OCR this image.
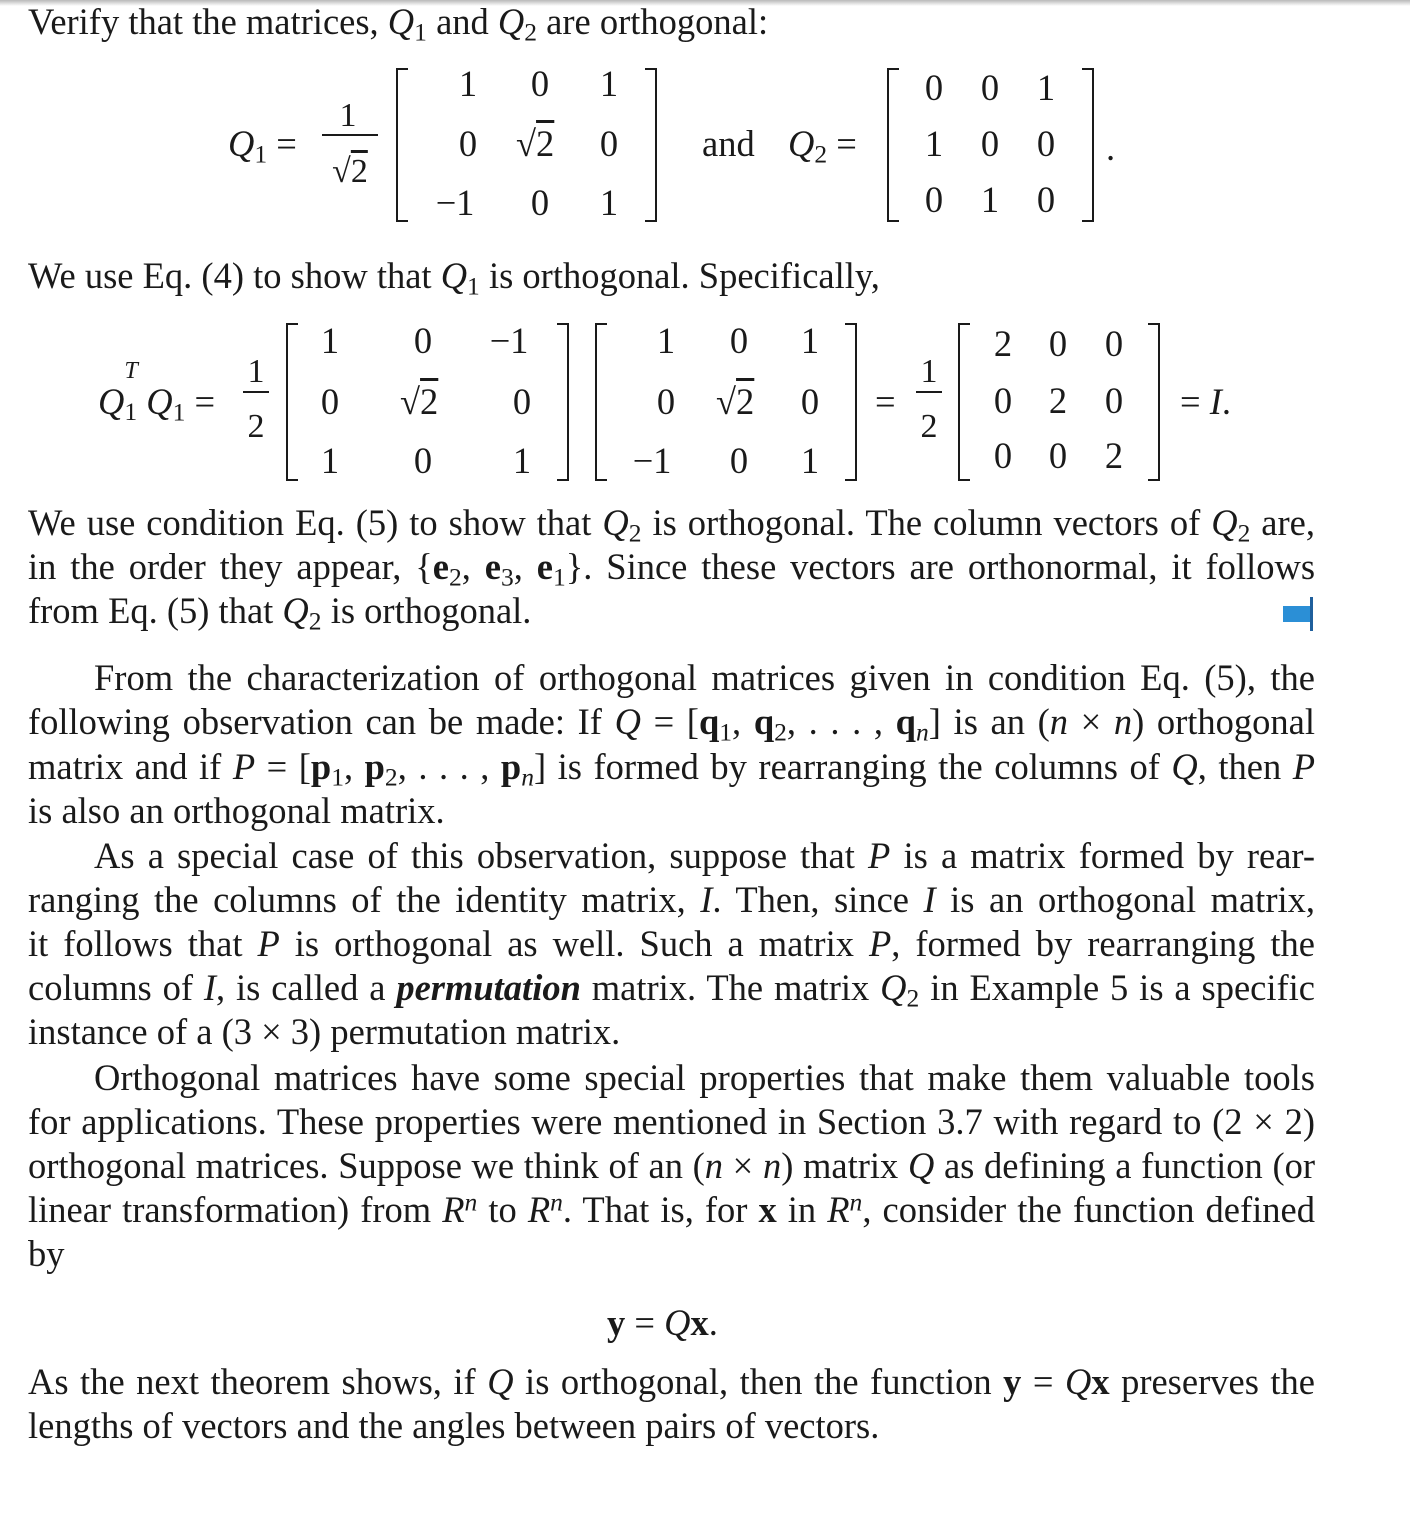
Verify that the matrices, $Q_1$ and $Q_2$ are orthogonal:
$Q_1$ =
1
√2
1 0 1
0 √2 0
−1 0 1
and $Q_2$ =
0 0 1
1 0 0
0 1 0
.
We use Eq. (4) to show that $Q_1$ is orthogonal. Specifically,
Q
$_{T 1}$ $Q_1$ =
1
2
1 0 −1
0 √2 0
1 0 1
1 0 1
0 √2 0
−1 0 1
=
1
2
2 0 0
0 2 0
0 0 2
= I.
We use condition Eq. (5) to show that $Q_2$ is orthogonal. The column vectors of $Q_2$ are,
in the order they appear, {$e_2$, $e_3$, $e_1$}. Since these vectors are orthonormal, it follows
from Eq. (5) that $Q_2$ is orthogonal.
From the characterization of orthogonal matrices given in condition Eq. (5), the
following observation can be made: If $Q = [q_1$, $q_2$, . . . , $q_n$] is an (n × n) orthogonal
matrix and if $P = [p_1$, $p_2$, . . . , $p_n$] is formed by rearranging the columns of Q, then P
is also an orthogonal matrix.
As a special case of this observation, suppose that P is a matrix formed by rear-
ranging the columns of the identity matrix, I. Then, since I is an orthogonal matrix,
it follows that P is orthogonal as well. Such a matrix P, formed by rearranging the
columns of I, is called a permutation matrix. The matrix $Q_2$ in Example 5 is a specific
instance of a (3 × 3) permutation matrix.
Orthogonal matrices have some special properties that make them valuable tools
for applications. These properties were mentioned in Section 3.7 with regard to (2 × 2)
orthogonal matrices. Suppose we think of an (n × n) matrix Q as defining a function (or
linear transformation) from $R^n$ to $R^n$. That is, for x in $R^n$, consider the function defined
by
y = Qx.
As the next theorem shows, if Q is orthogonal, then the function y = Qx preserves the
lengths of vectors and the angles between pairs of vectors.
